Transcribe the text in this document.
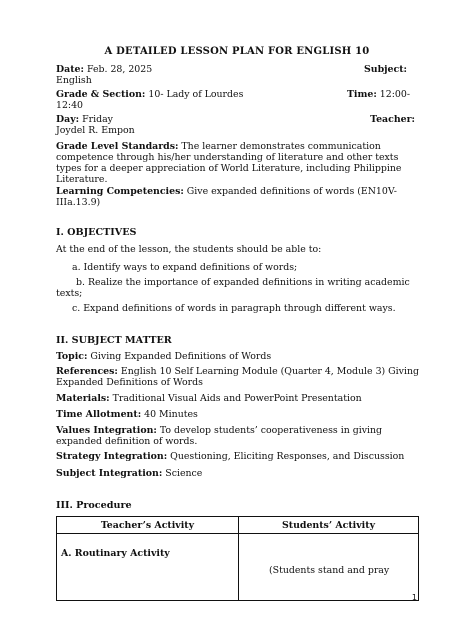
A DETAILED LESSON PLAN FOR ENGLISH 10
Date: Feb. 28, 2025	Subject:
English
Grade & Section: 10- Lady of Lourdes	Time: 12:00-
12:40
Day: Friday	Teacher:
Joydel R. Empon
Grade Level Standards: The learner demonstrates communication
competence through his/her understanding of literature and other texts
types for a deeper appreciation of World Literature, including Philippine
Literature.
Learning Competencies: Give expanded definitions of words (EN10V-
IIIa.13.9)
I. OBJECTIVES
At the end of the lesson, the students should be able to:
a. Identify ways to expand definitions of words;
b. Realize the importance of expanded definitions in writing academic
texts;
c. Expand definitions of words in paragraph through different ways.
II. SUBJECT MATTER
Topic: Giving Expanded Definitions of Words
References: English 10 Self Learning Module (Quarter 4, Module 3) Giving
Expanded Definitions of Words
Materials: Traditional Visual Aids and PowerPoint Presentation
Time Allotment: 40 Minutes
Values Integration: To develop students’ cooperativeness in giving
expanded definition of words.
Strategy Integration: Questioning, Eliciting Responses, and Discussion
Subject Integration: Science
III. Procedure
Teacher’s Activity	Students’ Activity

A. Routinary Activity	(Students stand and pray
1
